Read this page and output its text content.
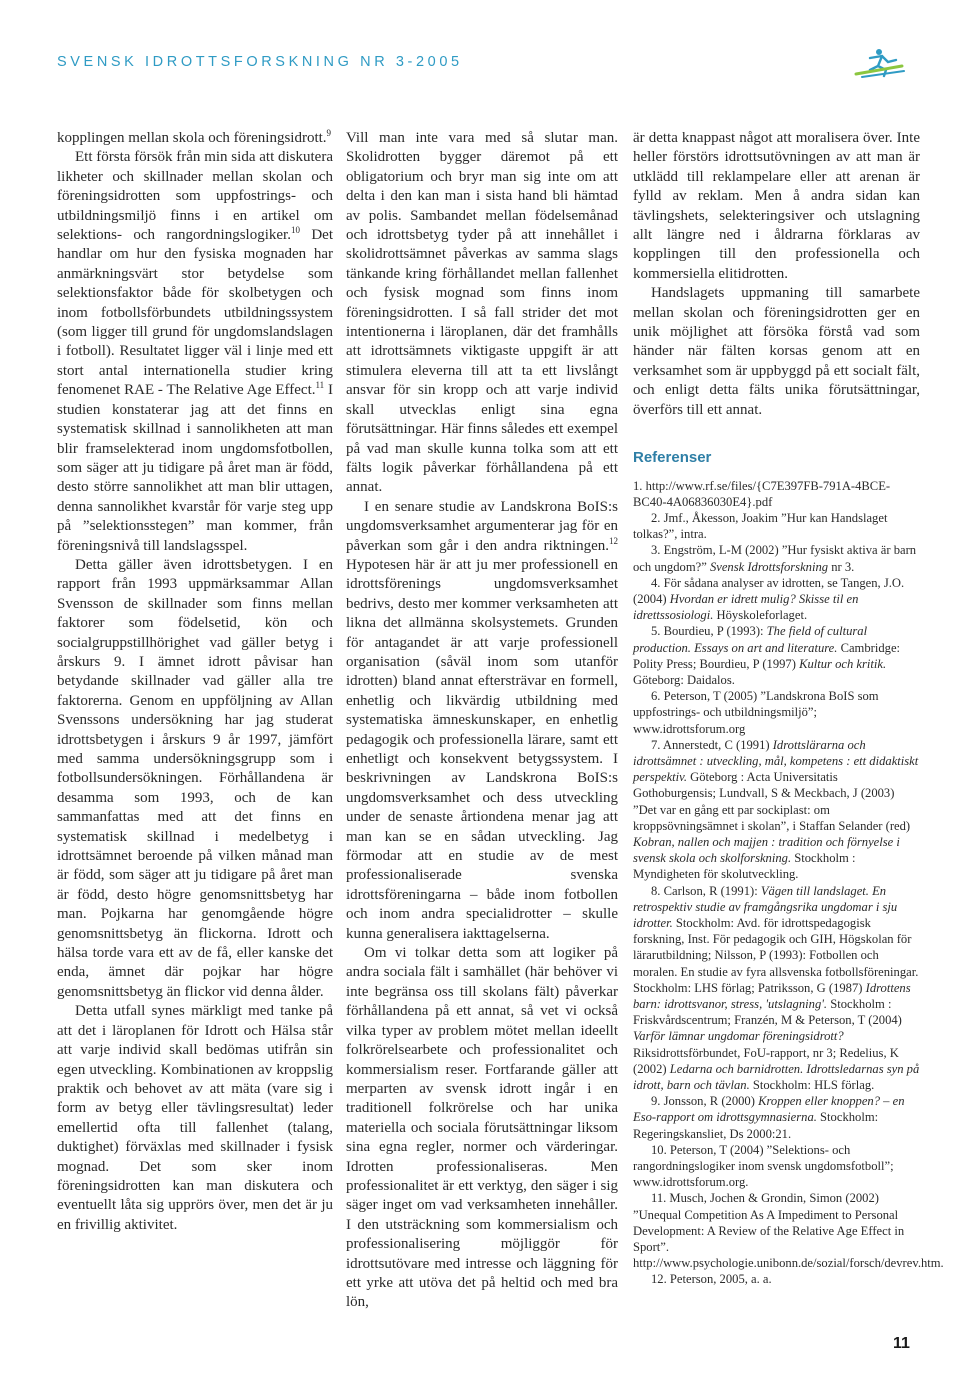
SVENSK IDROTTSFORSKNING NR 3-2005

kopplingen mellan skola och föreningsidrott.$^9$

Ett första försök från min sida att diskutera likheter och skillnader mellan skolan och föreningsidrotten som uppfostrings- och utbildningsmiljö finns i en artikel om selektions- och rangordningslogiker.$^{10}$ Det handlar om hur den fysiska mognaden har anmärkningsvärt stor betydelse som selektionsfaktor både för skolbetygen och inom fotbollsförbundets utbildningssystem (som ligger till grund för ungdomslandslagen i fotboll). Resultatet ligger väl i linje med ett stort antal internationella studier kring fenomenet RAE - The Relative Age Effect.$^{11}$ I studien konstaterar jag att det finns en systematisk skillnad i sannolikheten att man blir framselekterad inom ungdomsfotbollen, som säger att ju tidigare på året man är född, desto större sannolikhet att man blir uttagen, denna sannolikhet kvarstår för varje steg upp på ”selektionsstegen” man kommer, från föreningsnivå till landslagsspel.

Detta gäller även idrottsbetygen. I en rapport från 1993 uppmärksammar Allan Svensson de skillnader som finns mellan faktorer som födelsetid, kön och socialgruppstillhörighet vad gäller betyg i årskurs 9. I ämnet idrott påvisar han betydande skillnader vad gäller alla tre faktorerna. Genom en uppföljning av Allan Svenssons undersökning har jag studerat idrottsbetygen i årskurs 9 år 1997, jämfört med samma undersökningsgrupp som i fotbollsundersökningen. Förhållandena är desamma som 1993, och de kan sammanfattas med att det finns en systematisk skillnad i medelbetyg i idrottsämnet beroende på vilken månad man är född, som säger att ju tidigare på året man är född, desto högre genomsnittsbetyg har man. Pojkarna har genomgående högre genomsnittsbetyg än flickorna. Idrott och hälsa torde vara ett av de få, eller kanske det enda, ämnet där pojkar har högre genomsnittsbetyg än flickor vid denna ålder.

Detta utfall synes märkligt med tanke på att det i läroplanen för Idrott och Hälsa står att varje individ skall bedömas utifrån sin egen utveckling. Kombinationen av kroppslig praktik och behovet av att mäta (vare sig i form av betyg eller tävlingsresultat) leder emellertid ofta till fallenhet (talang, duktighet) förväxlas med skillnader i fysisk mognad. Det som sker inom föreningsidrotten kan man diskutera och eventuellt låta sig upprörs över, men det är ju en frivillig aktivitet.

Vill man inte vara med så slutar man. Skolidrotten bygger däremot på ett obligatorium och bryr man sig inte om att delta i den kan man i sista hand bli hämtad av polis. Sambandet mellan födelsemånad och idrottsbetyg tyder på att innehållet i skolidrottsämnet påverkas av samma slags tänkande kring förhållandet mellan fallenhet och fysisk mognad som finns inom föreningsidrotten. I så fall strider det mot intentionerna i läroplanen, där det framhålls att idrottsämnets viktigaste uppgift är att stimulera eleverna till att ta ett livslångt ansvar för sin kropp och att varje individ skall utvecklas enligt sina egna förutsättningar. Här finns således ett exempel på vad man skulle kunna tolka som att ett fälts logik påverkar förhållandena på ett annat.

I en senare studie av Landskrona BoIS:s ungdomsverksamhet argumenterar jag för en påverkan som går i den andra riktningen.$^{12}$ Hypotesen här är att ju mer professionell en idrottsförenings ungdomsverksamhet bedrivs, desto mer kommer verksamheten att likna det allmänna skolsystemets. Grunden för antagandet är att varje professionell organisation (såväl inom som utanför idrotten) bland annat eftersträvar en formell, enhetlig och likvärdig utbildning med systematiska ämneskunskaper, en enhetlig pedagogik och professionella lärare, samt ett enhetligt och konsekvent betygssystem. I beskrivningen av Landskrona BoIS:s ungdomsverksamhet och dess utveckling under de senaste årtiondena menar jag att man kan se en sådan utveckling. Jag förmodar att en studie av de mest professionaliserade svenska idrottsföreningarna – både inom fotbollen och inom andra specialidrotter – skulle kunna generalisera iakttagelserna.

Om vi tolkar detta som att logiker på andra sociala fält i samhället (här behöver vi inte begränsa oss till skolans fält) påverkar förhållandena på ett annat, så vet vi också vilka typer av problem mötet mellan ideellt folkrörelsearbete och professionalitet och kommersialism reser. Fortfarande gäller att merparten av svensk idrott ingår i en traditionell folkrörelse och har unika materiella och sociala förutsättningar liksom sina egna regler, normer och värderingar. Idrotten professionaliseras. Men professionalitet är ett verktyg, den säger i sig säger inget om vad verksamheten innehåller. I den utsträckning som kommersialism och professionalisering möjliggör för idrottsutövare med intresse och läggning för ett yrke att utöva det på heltid och med bra lön,

är detta knappast något att moralisera över. Inte heller förstörs idrottsutövningen av att man är utklädd till reklampelare eller att arenan är fylld av reklam. Men å andra sidan kan tävlingshets, selekteringsiver och utslagning allt längre ned i åldrarna förklaras av kopplingen till den professionella och kommersiella elitidrotten.

Handslagets uppmaning till samarbete mellan skolan och föreningsidrotten ger en unik möjlighet att försöka förstå vad som händer när fälten korsas genom att en verksamhet som är uppbyggd på ett socialt fält, och enligt detta fälts unika förutsättningar, överförs till ett annat.

Referenser

1. http://www.rf.se/files/{C7E397FB-791A-4BCE-BC40-4A06836030E4}.pdf

2. Jmf., Åkesson, Joakim ”Hur kan Handslaget tolkas?”, intra.

3. Engström, L-M (2002) ”Hur fysiskt aktiva är barn och ungdom?” Svensk Idrottsforskning nr 3.

4. För sådana analyser av idrotten, se Tangen, J.O. (2004) Hvordan er idrett mulig? Skisse til en idrettssosiologi. Höyskoleforlaget.

5. Bourdieu, P (1993): The field of cultural production. Essays on art and literature. Cambridge: Polity Press; Bourdieu, P (1997) Kultur och kritik. Göteborg: Daidalos.

6. Peterson, T (2005) ”Landskrona BoIS som uppfostrings- och utbildningsmiljö”; www.idrottsforum.org

7. Annerstedt, C (1991) Idrottslärarna och idrottsämnet : utveckling, mål, kompetens : ett didaktiskt perspektiv. Göteborg : Acta Universitatis Gothoburgensis; Lundvall, S & Meckbach, J (2003) ”Det var en gång ett par sockiplast: om kroppsövningsämnet i skolan”, i Staffan Selander (red) Kobran, nallen och majjen : tradition och förnyelse i svensk skola och skolforskning. Stockholm : Myndigheten för skolutveckling.

8. Carlson, R (1991): Vägen till landslaget. En retrospektiv studie av framgångsrika ungdomar i sju idrotter. Stockholm: Avd. för idrottspedagogisk forskning, Inst. För pedagogik och GIH, Högskolan för lärarutbildning; Nilsson, P (1993): Fotbollen och moralen. En studie av fyra allsvenska fotbollsföreningar. Stockholm: LHS förlag; Patriksson, G (1987) Idrottens barn: idrottsvanor, stress, 'utslagning'. Stockholm : Friskvårdscentrum; Franzén, M & Peterson, T (2004) Varför lämnar ungdomar föreningsidrott? Riksidrottsförbundet, FoU-rapport, nr 3; Redelius, K (2002) Ledarna och barnidrotten. Idrottsledarnas syn på idrott, barn och tävlan. Stockholm: HLS förlag.

9. Jonsson, R (2000) Kroppen eller knoppen? – en Eso-rapport om idrottsgymnasierna. Stockholm: Regeringskansliet, Ds 2000:21.

10. Peterson, T (2004) ”Selektions- och rangordningslogiker inom svensk ungdomsfotboll”; www.idrottsforum.org.

11. Musch, Jochen & Grondin, Simon (2002) ”Unequal Competition As A Impediment to Personal Development: A Review of the Relative Age Effect in Sport”. http://www.psychologie.unibonn.de/sozial/forsch/devrev.htm.

12. Peterson, 2005, a. a.

11
